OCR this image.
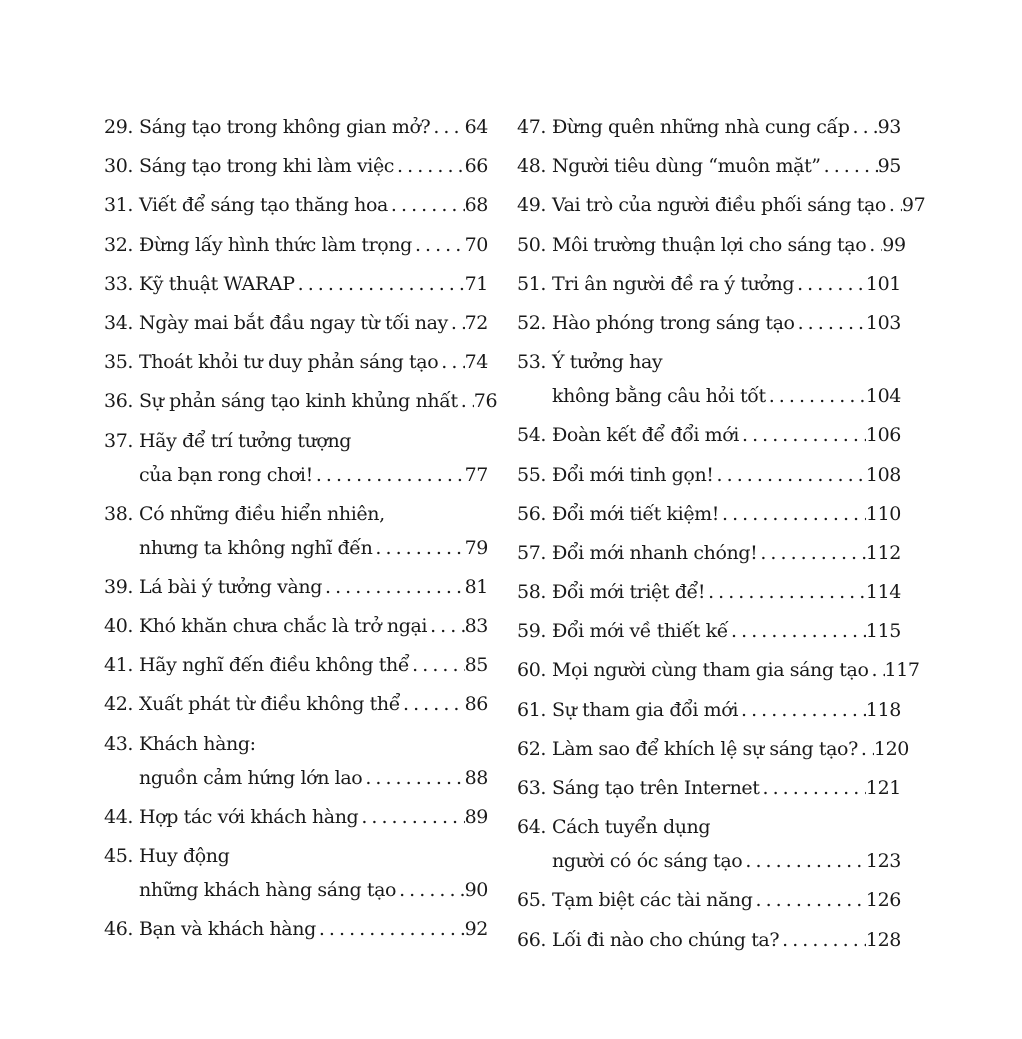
29. Sáng tạo trong không gian mở? . . . 64
30. Sáng tạo trong khi làm việc . . .	66
31. Viết để sáng tạo thăng hoa . . .	68
32. Đừng lấy hình thức làm trọng . . .	70
33. Kỹ thuật WARAP . . .	71
34. Ngày mai bắt đầu ngay từ tối nay . . . 72
35. Thoát khỏi tư duy phản sáng tạo . . . 74
36. Sự phản sáng tạo kinh khủng nhất . . . 76
37. Hãy để trí tưởng tượng
của bạn rong chơi! . . .	77
38. Có những điều hiển nhiên,
nhưng ta không nghĩ đến . . .	79
39. Lá bài ý tưởng vàng . . .	81
40. Khó khăn chưa chắc là trở ngại . . . 83
41. Hãy nghĩ đến điều không thể . . .	85
42. Xuất phát từ điều không thể . . .	86
43. Khách hàng:
nguồn cảm hứng lớn lao . . .	88
44. Hợp tác với khách hàng . . .	89
45. Huy động
những khách hàng sáng tạo . . .	90
46. Bạn và khách hàng . . .	92
47. Đừng quên những nhà cung cấp . . . 93
48. Người tiêu dùng “muôn mặt” . . .	95
49. Vai trò của người điều phối sáng tạo . . . 97
50. Môi trường thuận lợi cho sáng tạo . . . 99
51. Tri ân người đề ra ý tưởng . . .	101
52. Hào phóng trong sáng tạo . . .	103
53. Ý tưởng hay
không bằng câu hỏi tốt . . .	104
54. Đoàn kết để đổi mới . . .	106
55. Đổi mới tinh gọn! . . .	108
56. Đổi mới tiết kiệm! . . .	110
57. Đổi mới nhanh chóng! . . .	112
58. Đổi mới triệt để! . . .	114
59. Đổi mới về thiết kế . . .	115
60. Mọi người cùng tham gia sáng tạo . . . 117
61. Sự tham gia đổi mới . . .	118
62. Làm sao để khích lệ sự sáng tạo? . . . 120
63. Sáng tạo trên Internet . . .	121
64. Cách tuyển dụng
người có óc sáng tạo . . .	123
65. Tạm biệt các tài năng . . .	126
66. Lối đi nào cho chúng ta? . . .	128
